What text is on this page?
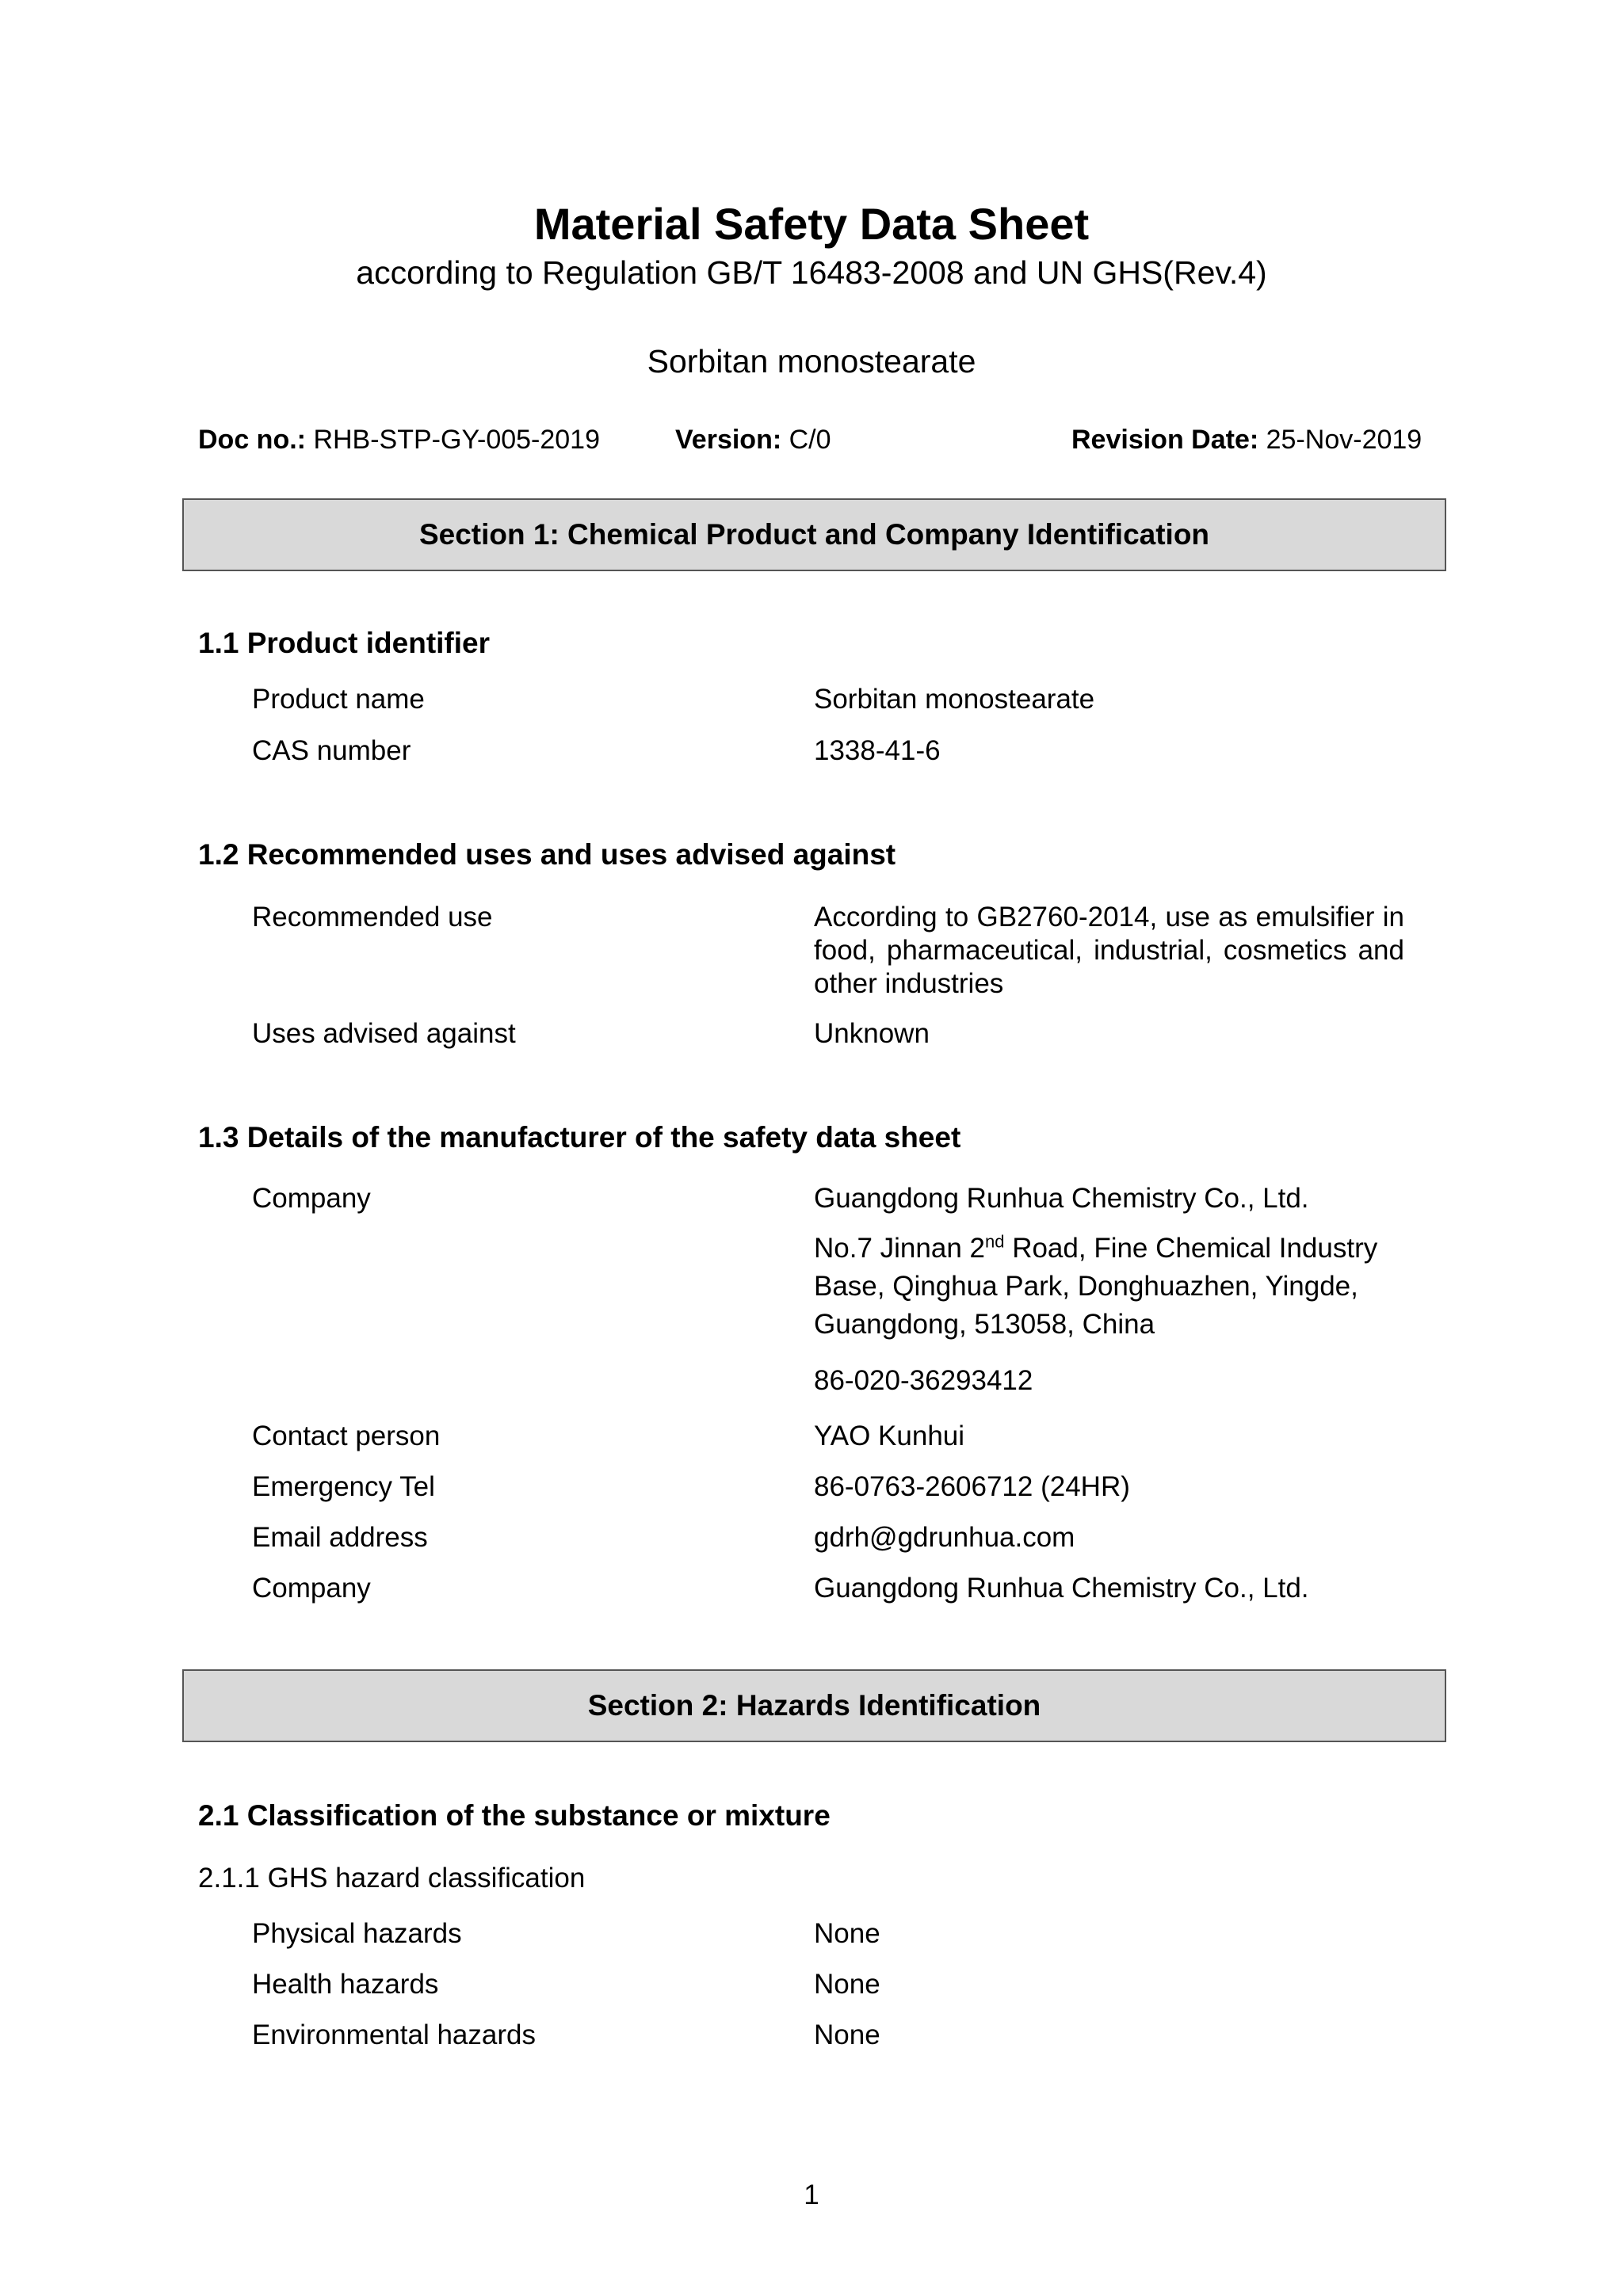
Material Safety Data Sheet
according to Regulation GB/T 16483-2008 and UN GHS(Rev.4)
Sorbitan monostearate
Doc no.: RHB-STP-GY-005-2019	Version: C/0	Revision Date: 25-Nov-2019
Section 1: Chemical Product and Company Identification
1.1 Product identifier
Product name	Sorbitan monostearate
CAS number	1338-41-6
1.2 Recommended uses and uses advised against
Recommended use	According to GB2760-2014, use as emulsifier in food, pharmaceutical, industrial, cosmetics and other industries
Uses advised against	Unknown
1.3 Details of the manufacturer of the safety data sheet
Company	Guangdong Runhua Chemistry Co., Ltd.
No.7 Jinnan 2nd Road, Fine Chemical Industry Base, Qinghua Park, Donghuazhen, Yingde, Guangdong, 513058, China
86-020-36293412
Contact person	YAO Kunhui
Emergency Tel	86-0763-2606712 (24HR)
Email address	gdrh@gdrunhua.com
Company	Guangdong Runhua Chemistry Co., Ltd.
Section 2: Hazards Identification
2.1 Classification of the substance or mixture
2.1.1 GHS hazard classification
Physical hazards	None
Health hazards	None
Environmental hazards	None
1
